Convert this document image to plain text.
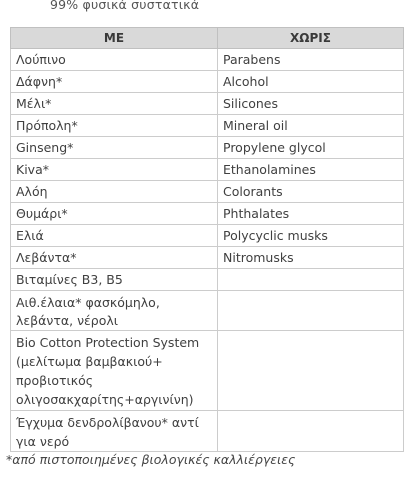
99% φυσικά συστατικά
ΜΕ	ΧΩΡΙΣ
Λούπινο	Parabens
Δάφνη*	Alcohol
Μέλι*	Silicones
Πρόπολη*	Mineral oil
Ginseng*	Propylene glycol
Kiva*	Ethanolamines
Αλόη	Colorants
Θυμάρι*	Phthalates
Ελιά	Polycyclic musks
Λεβάντα*	Nitromusks
Βιταμίνες Β3, Β5	
Αιθ.έλαια* φασκόμηλο,
λεβάντα, νέρολι	
Bio Cotton Protection System
(μελίτωμα βαμβακιού+
προβιοτικός
ολιγοσακχαρίτης+αργινίνη)	
Έγχυμα δενδρολίβανου* αντί
για νερό	
*από πιστοποιημένες βιολογικές καλλιέργειες
